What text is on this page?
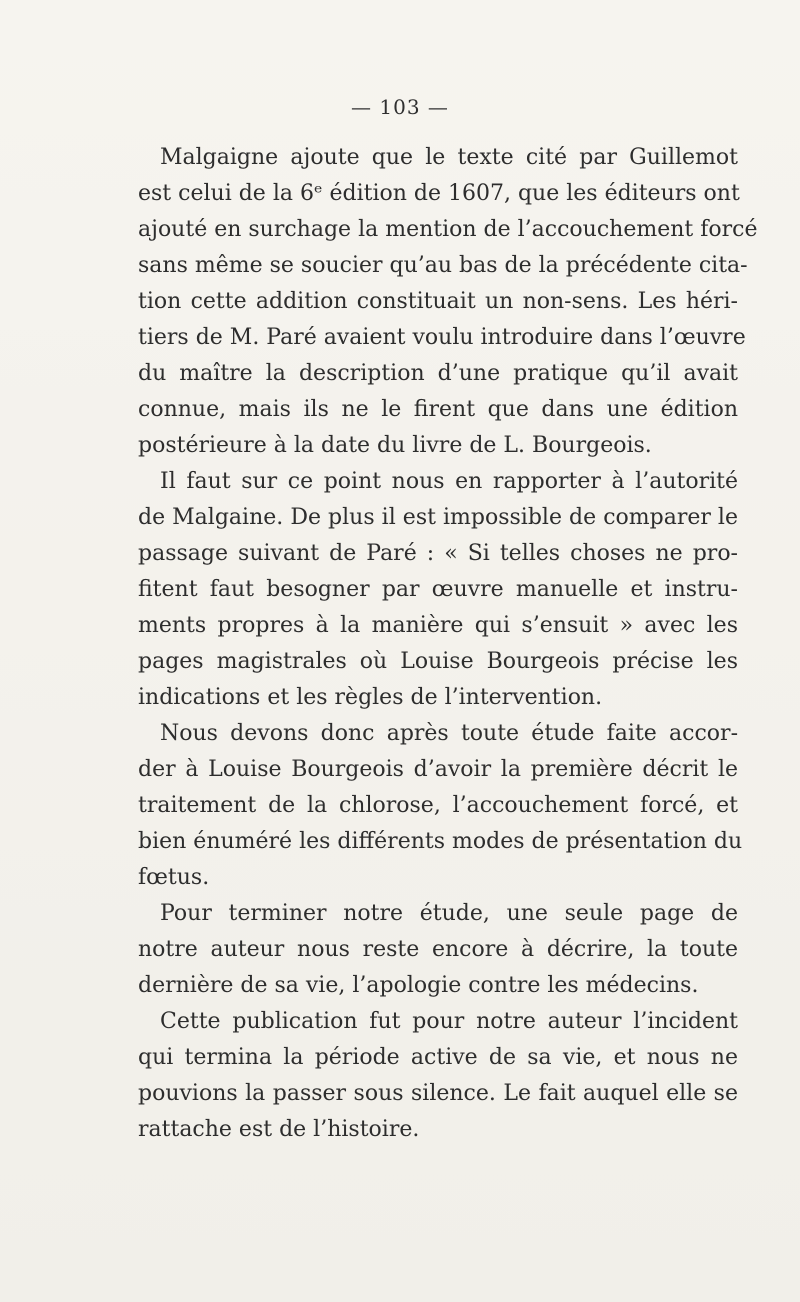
— 103 —
Malgaigne ajoute que le texte cité par Guillemot
est celui de la 6ᵉ édition de 1607, que les éditeurs ont
ajouté en surchage la mention de l’accouchement forcé
sans même se soucier qu’au bas de la précédente cita-
tion cette addition constituait un non-sens. Les héri-
tiers de M. Paré avaient voulu introduire dans l’œuvre
du maître la description d’une pratique qu’il avait
connue, mais ils ne le firent que dans une édition
postérieure à la date du livre de L. Bourgeois.
Il faut sur ce point nous en rapporter à l’autorité
de Malgaine. De plus il est impossible de comparer le
passage suivant de Paré : « Si telles choses ne pro-
fitent faut besogner par œuvre manuelle et instru-
ments propres à la manière qui s’ensuit » avec les
pages magistrales où Louise Bourgeois précise les
indications et les règles de l’intervention.
Nous devons donc après toute étude faite accor-
der à Louise Bourgeois d’avoir la première décrit le
traitement de la chlorose, l’accouchement forcé, et
bien énuméré les différents modes de présentation du
fœtus.
Pour terminer notre étude, une seule page de
notre auteur nous reste encore à décrire, la toute
dernière de sa vie, l’apologie contre les médecins.
Cette publication fut pour notre auteur l’incident
qui termina la période active de sa vie, et nous ne
pouvions la passer sous silence. Le fait auquel elle se
rattache est de l’histoire.
